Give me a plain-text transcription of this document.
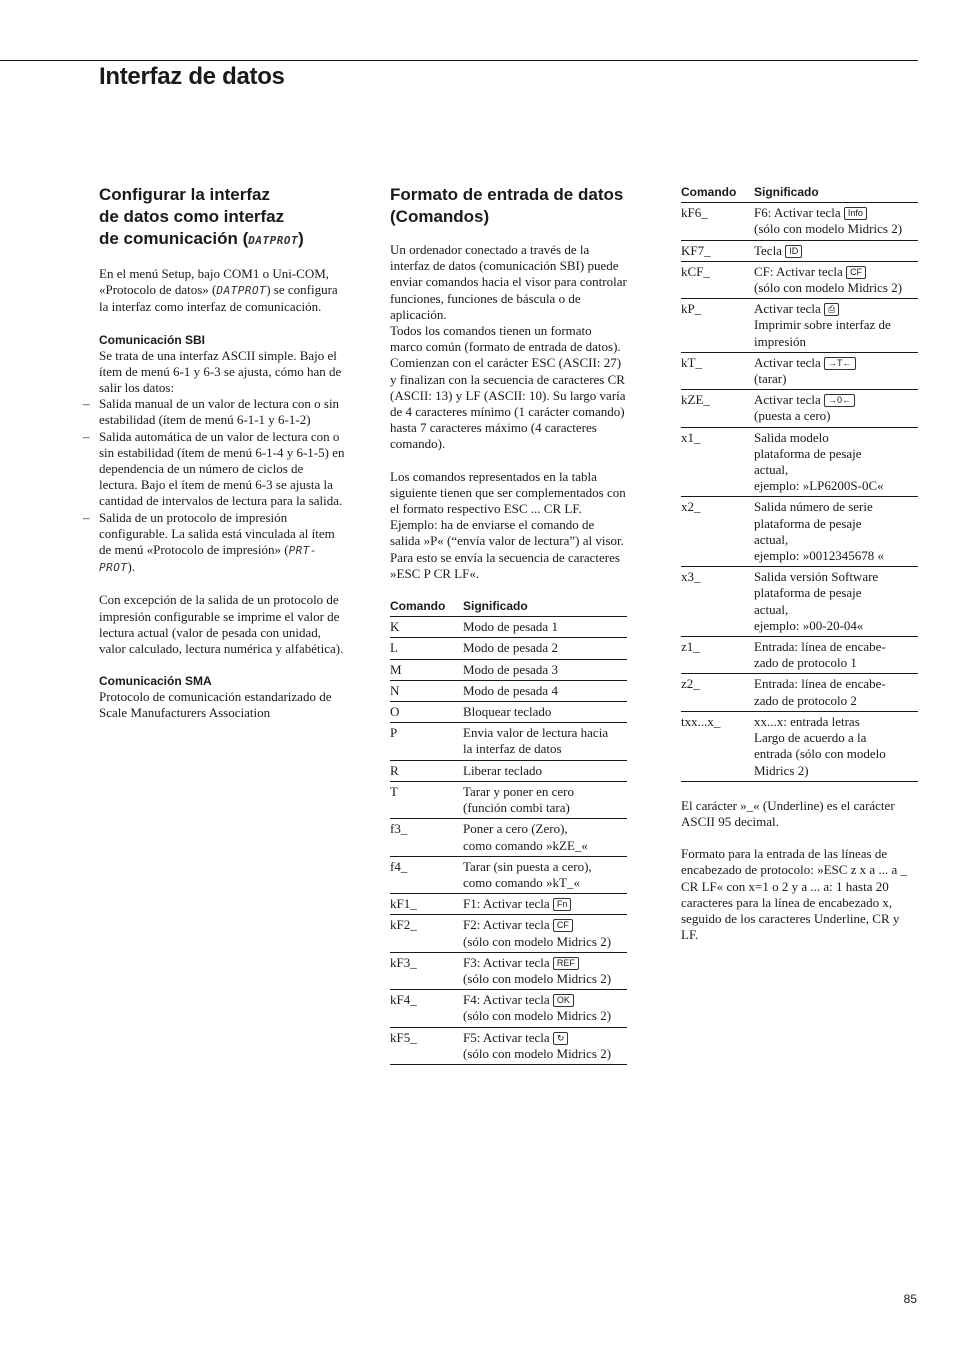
Interfaz de datos
Configurar la interfaz
de datos como interfaz
de comunicación (DATPROT)

En el menú Setup, bajo COM1 o Uni-COM, «Protocolo de datos» (DATPROT) se configura la interfaz como interfaz de comunicación.

Comunicación SBI

Se trata de una interfaz ASCII simple. Bajo el ítem de menú 6-1 y 6-3 se ajusta, cómo han de salir los datos:

– Salida manual de un valor de lectura con o sin estabilidad (ítem de menú 6-1-1 y 6-1-2)
– Salida automática de un valor de lectura con o sin estabilidad (ítem de menú 6-1-4 y 6-1-5) en dependencia de un número de ciclos de lectura. Bajo el ítem de menú 6-3 se ajusta la cantidad de intervalos de lectura para la salida.
– Salida de un protocolo de impresión configurable. La salida está vinculada al ítem de menú «Protocolo de impresión» (PRT-PROT).

Con excepción de la salida de un protocolo de impresión configurable se imprime el valor de lectura actual (valor de pesada con unidad, valor calculado, lectura numérica y alfabética).

Comunicación SMA

Protocolo de comunicación estandarizado de Scale Manufacturers Association

Formato de entrada de datos
(Comandos)

Un ordenador conectado a través de la interfaz de datos (comunicación SBI) puede enviar comandos hacia el visor para controlar funciones, funciones de báscula o de aplicación.

Todos los comandos tienen un formato marco común (formato de entrada de datos). Comienzan con el carácter ESC (ASCII: 27) y finalizan con la secuencia de caracteres CR (ASCII: 13) y LF (ASCII: 10). Su largo varía de 4 caracteres mínimo (1 carácter comando) hasta 7 caracteres máximo (4 caracteres comando).

Los comandos representados en la tabla siguiente tienen que ser complementados con el formato respectivo ESC ... CR LF.

Ejemplo: ha de enviarse el comando de salida »P« (“envía valor de lectura”) al visor. Para esto se envía la secuencia de caracteres »ESC P CR LF«.

Comando	Significado
K	Modo de pesada 1
L	Modo de pesada 2
M	Modo de pesada 3
N	Modo de pesada 4
O	Bloquear teclado
P	Envia valor de lectura hacia
la interfaz de datos
R	Liberar teclado
T	Tarar y poner en cero
(función combi tara)
f3_	Poner a cero (Zero),
como comando »kZE_«
f4_	Tarar (sin puesta a cero),
como comando »kT_«
kF1_	F1: Activar tecla Fn
kF2_	F2: Activar tecla CF
(sólo con modelo Midrics 2)
kF3_	F3: Activar tecla REF
(sólo con modelo Midrics 2)
kF4_	F4: Activar tecla OK
(sólo con modelo Midrics 2)
kF5_	F5: Activar tecla ↻
(sólo con modelo Midrics 2)
Comando	Significado
kF6_	F6: Activar tecla Info
(sólo con modelo Midrics 2)
KF7_	Tecla ID
kCF_	CF: Activar tecla CF
(sólo con modelo Midrics 2)
kP_	Activar tecla ⎙
Imprimir sobre interfaz de
impresión
kT_	Activar tecla →T←
(tarar)
kZE_	Activar tecla →0←
(puesta a cero)
x1_	Salida modelo
plataforma de pesaje
actual,
ejemplo: »LP6200S-0C«
x2_	Salida número de serie
plataforma de pesaje
actual,
ejemplo: »0012345678 «
x3_	Salida versión Software
plataforma de pesaje
actual,
ejemplo: »00-20-04«
z1_	Entrada: línea de encabe-
zado de protocolo 1
z2_	Entrada: línea de encabe-
zado de protocolo 2
txx...x_	xx...x: entrada letras
Largo de acuerdo a la
entrada (sólo con modelo
Midrics 2)

El carácter »_« (Underline) es el carácter ASCII 95 decimal.

Formato para la entrada de las líneas de encabezado de protocolo: »ESC z x a ... a _ CR LF« con x=1 o 2 y a ... a: 1 hasta 20 caracteres para la línea de encabezado x, seguido de los caracteres Underline, CR y LF.

85
